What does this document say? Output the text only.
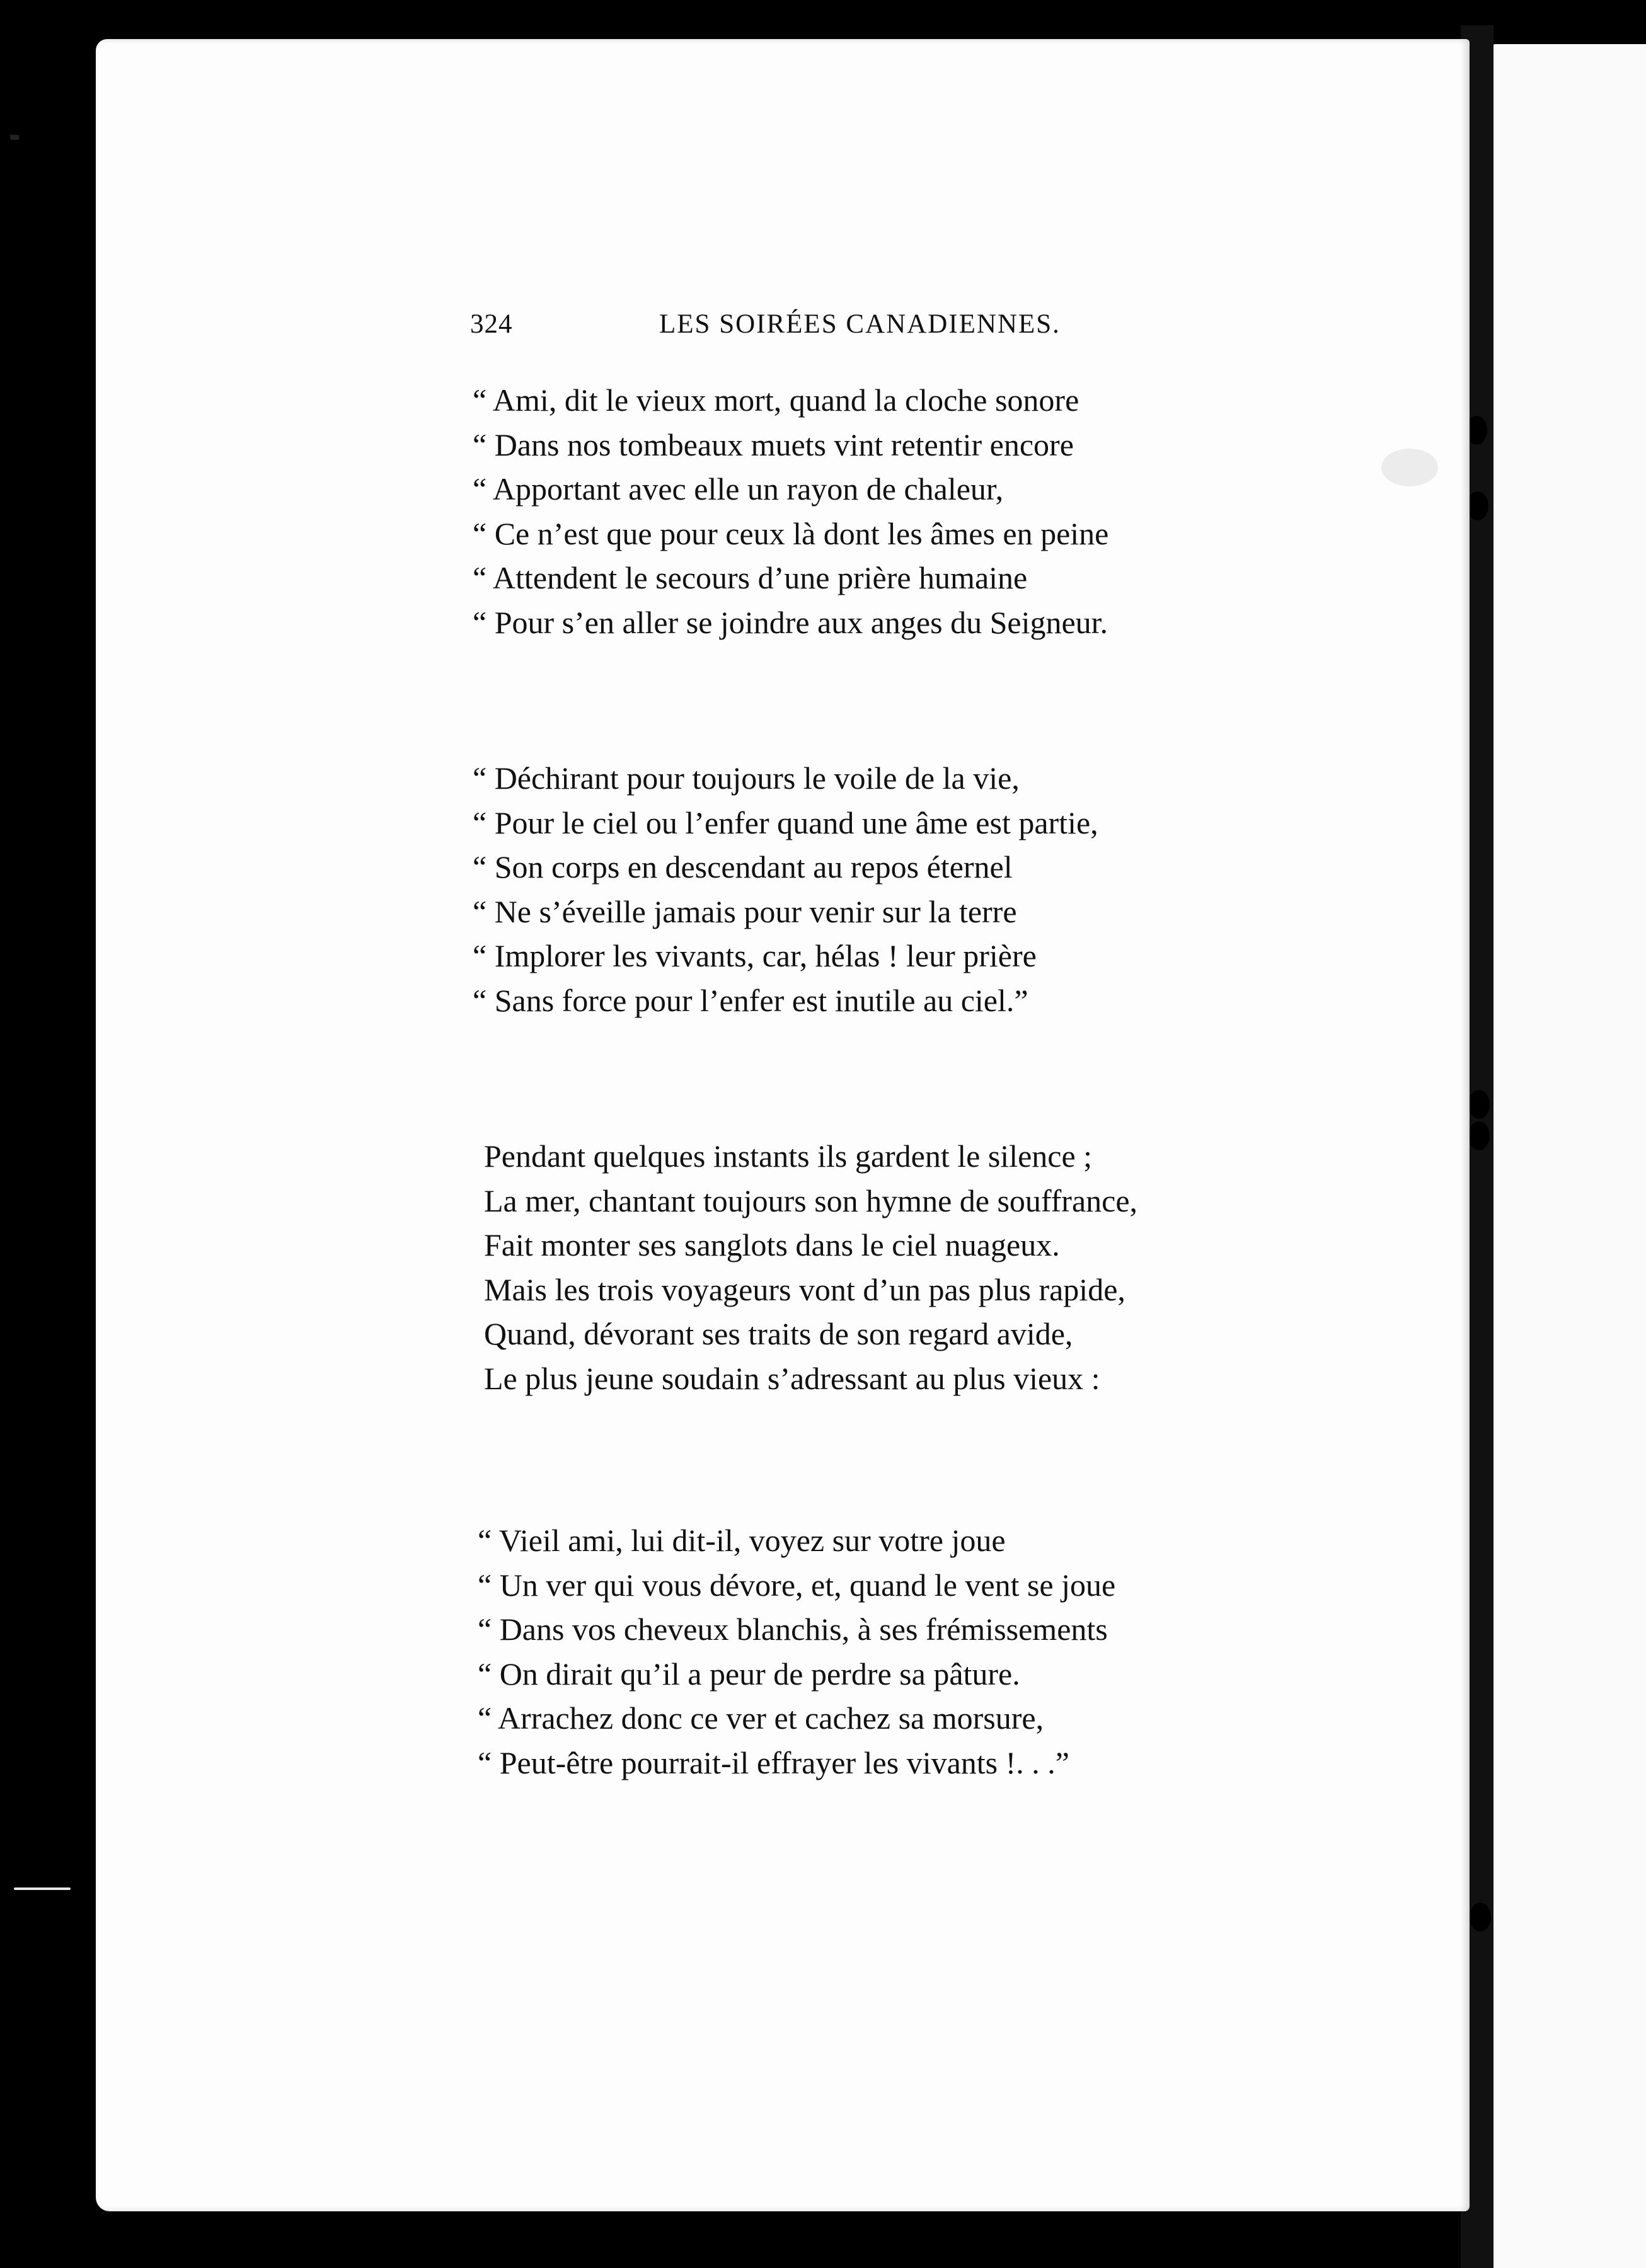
324	LES SOIRÉES CANADIENNES.
“ Ami, dit le vieux mort, quand la cloche sonore
“ Dans nos tombeaux muets vint retentir encore
“ Apportant avec elle un rayon de chaleur,
“ Ce n’est que pour ceux là dont les âmes en peine
“ Attendent le secours d’une prière humaine
“ Pour s’en aller se joindre aux anges du Seigneur.
“ Déchirant pour toujours le voile de la vie,
“ Pour le ciel ou l’enfer quand une âme est partie,
“ Son corps en descendant au repos éternel
“ Ne s’éveille jamais pour venir sur la terre
“ Implorer les vivants, car, hélas ! leur prière
“ Sans force pour l’enfer est inutile au ciel.”
Pendant quelques instants ils gardent le silence ;
La mer, chantant toujours son hymne de souffrance,
Fait monter ses sanglots dans le ciel nuageux.
Mais les trois voyageurs vont d’un pas plus rapide,
Quand, dévorant ses traits de son regard avide,
Le plus jeune soudain s’adressant au plus vieux :
“ Vieil ami, lui dit-il, voyez sur votre joue
“ Un ver qui vous dévore, et, quand le vent se joue
“ Dans vos cheveux blanchis, à ses frémissements
“ On dirait qu’il a peur de perdre sa pâture.
“ Arrachez donc ce ver et cachez sa morsure,
“ Peut-être pourrait-il effrayer les vivants !. . .”
